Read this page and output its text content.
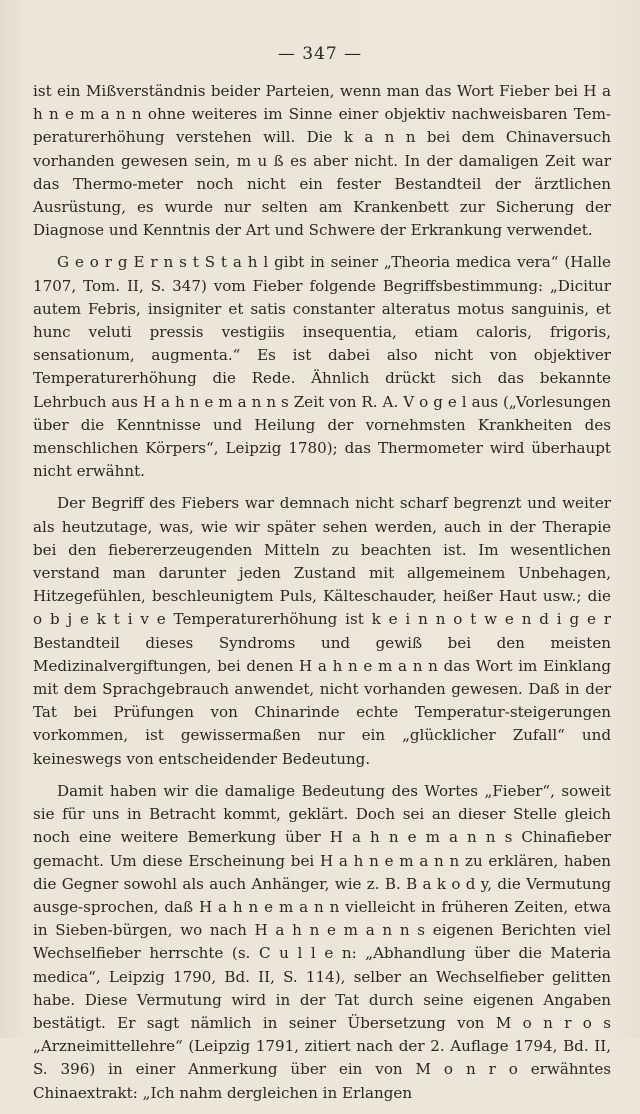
— 347 —

ist ein Mißverständnis beider Parteien, wenn man das Wort Fieber bei H a h n e m a n n ohne weiteres im Sinne einer objektiv nachweisbaren Tem-peraturerhöhung verstehen will. Die k a n n bei dem Chinaversuch vorhanden gewesen sein, m u ß es aber nicht. In der damaligen Zeit war das Thermo-meter noch nicht ein fester Bestandteil der ärztlichen Ausrüstung, es wurde nur selten am Krankenbett zur Sicherung der Diagnose und Kenntnis der Art und Schwere der Erkrankung verwendet.

G e o r g E r n s t S t a h l gibt in seiner „Theoria medica vera“ (Halle 1707, Tom. II, S. 347) vom Fieber folgende Begriffsbestimmung: „Dicitur autem Febris, insigniter et satis constanter alteratus motus sanguinis, et hunc veluti pressis vestigiis insequentia, etiam caloris, frigoris, sensationum, augmenta.“ Es ist dabei also nicht von objektiver Temperaturerhöhung die Rede. Ähnlich drückt sich das bekannte Lehrbuch aus H a h n e m a n n s Zeit von R. A. V o g e l aus („Vorlesungen über die Kenntnisse und Heilung der vornehmsten Krankheiten des menschlichen Körpers“, Leipzig 1780); das Thermometer wird überhaupt nicht erwähnt.

Der Begriff des Fiebers war demnach nicht scharf begrenzt und weiter als heutzutage, was, wie wir später sehen werden, auch in der Therapie bei den fiebererzeugenden Mitteln zu beachten ist. Im wesentlichen verstand man darunter jeden Zustand mit allgemeinem Unbehagen, Hitzegefühlen, beschleunigtem Puls, Kälteschauder, heißer Haut usw.; die o b j e k t i v e Temperaturerhöhung ist k e i n n o t w e n d i g e r Bestandteil dieses Syndroms und gewiß bei den meisten Medizinalvergiftungen, bei denen H a h n e m a n n das Wort im Einklang mit dem Sprachgebrauch anwendet, nicht vorhanden gewesen. Daß in der Tat bei Prüfungen von Chinarinde echte Temperatur-steigerungen vorkommen, ist gewissermaßen nur ein „glücklicher Zufall“ und keineswegs von entscheidender Bedeutung.

Damit haben wir die damalige Bedeutung des Wortes „Fieber“, soweit sie für uns in Betracht kommt, geklärt. Doch sei an dieser Stelle gleich noch eine weitere Bemerkung über H a h n e m a n n s Chinafieber gemacht. Um diese Erscheinung bei H a h n e m a n n zu erklären, haben die Gegner sowohl als auch Anhänger, wie z. B. B a k o d y, die Vermutung ausge-sprochen, daß H a h n e m a n n vielleicht in früheren Zeiten, etwa in Sieben-bürgen, wo nach H a h n e m a n n s eigenen Berichten viel Wechselfieber herrschte (s. C u l l e n: „Abhandlung über die Materia medica“, Leipzig 1790, Bd. II, S. 114), selber an Wechselfieber gelitten habe. Diese Vermutung wird in der Tat durch seine eigenen Angaben bestätigt. Er sagt nämlich in seiner Übersetzung von M o n r o s „Arzneimittellehre“ (Leipzig 1791, zitiert nach der 2. Auflage 1794, Bd. II, S. 396) in einer Anmerkung über ein von M o n r o erwähntes Chinaextrakt: „Ich nahm dergleichen in Erlangen
